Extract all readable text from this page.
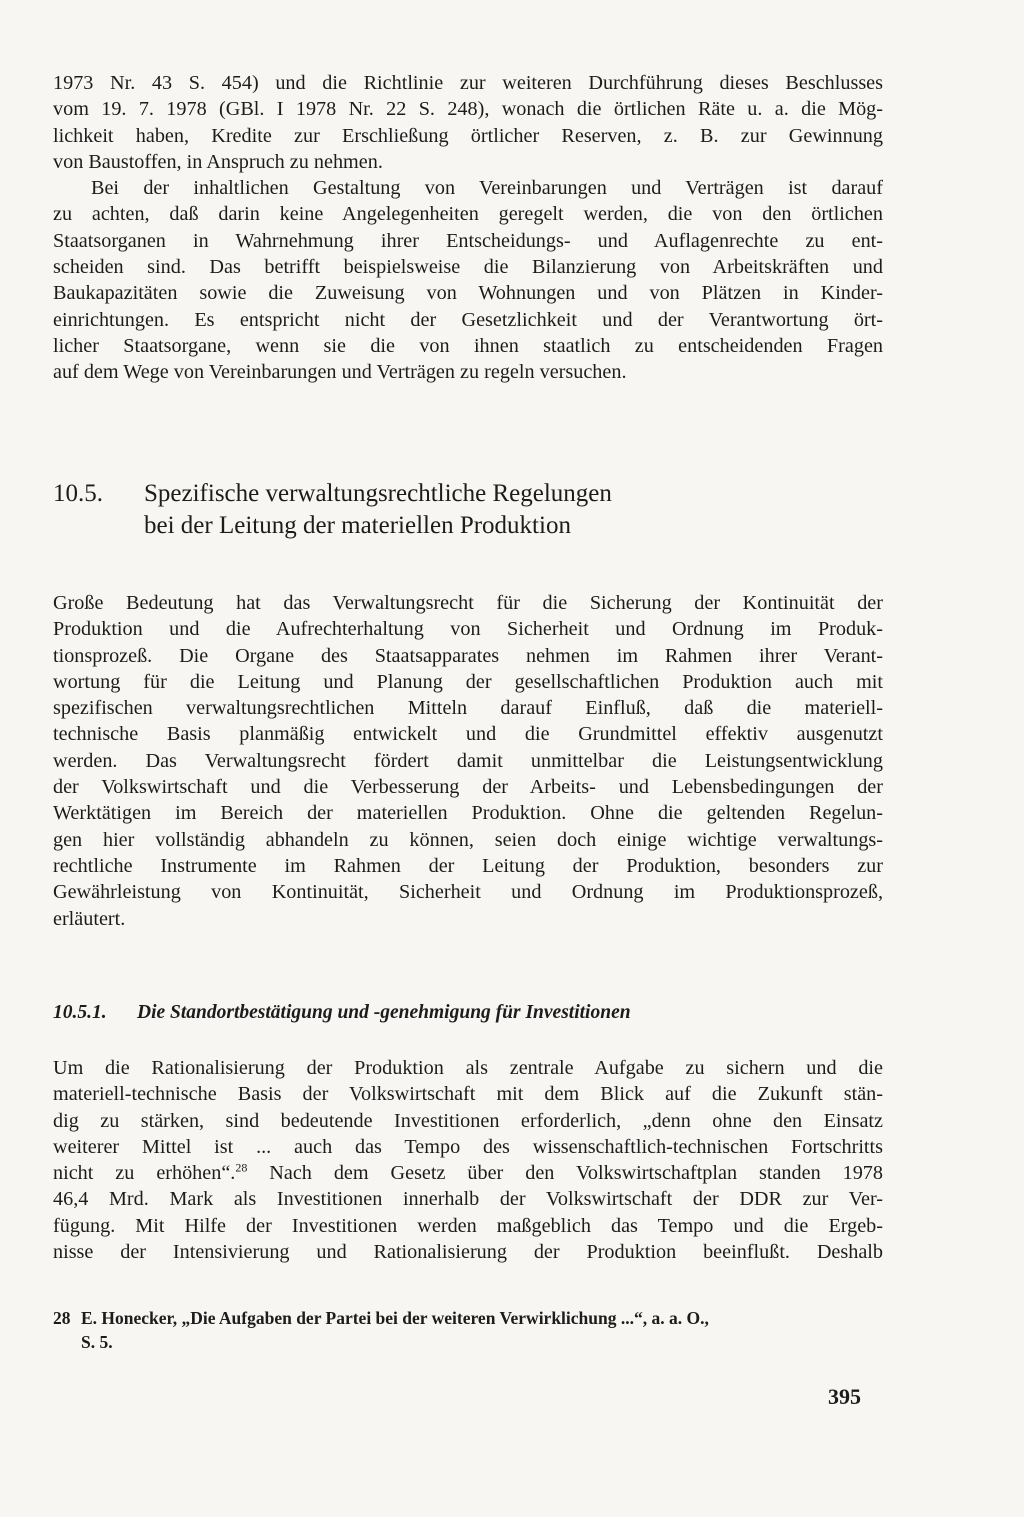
1973 Nr. 43 S. 454) und die Richtlinie zur weiteren Durchführung dieses Beschlusses
vom 19. 7. 1978 (GBl. I 1978 Nr. 22 S. 248), wonach die örtlichen Räte u. a. die Mög-
lichkeit haben, Kredite zur Erschließung örtlicher Reserven, z. B. zur Gewinnung
von Baustoffen, in Anspruch zu nehmen.

Bei der inhaltlichen Gestaltung von Vereinbarungen und Verträgen ist darauf
zu achten, daß darin keine Angelegenheiten geregelt werden, die von den örtlichen
Staatsorganen in Wahrnehmung ihrer Entscheidungs- und Auflagenrechte zu ent-
scheiden sind. Das betrifft beispielsweise die Bilanzierung von Arbeitskräften und
Baukapazitäten sowie die Zuweisung von Wohnungen und von Plätzen in Kinder-
einrichtungen. Es entspricht nicht der Gesetzlichkeit und der Verantwortung ört-
licher Staatsorgane, wenn sie die von ihnen staatlich zu entscheidenden Fragen
auf dem Wege von Vereinbarungen und Verträgen zu regeln versuchen.

10.5.	Spezifische verwaltungsrechtliche Regelungen
bei der Leitung der materiellen Produktion

Große Bedeutung hat das Verwaltungsrecht für die Sicherung der Kontinuität der
Produktion und die Aufrechterhaltung von Sicherheit und Ordnung im Produk-
tionsprozeß. Die Organe des Staatsapparates nehmen im Rahmen ihrer Verant-
wortung für die Leitung und Planung der gesellschaftlichen Produktion auch mit
spezifischen verwaltungsrechtlichen Mitteln darauf Einfluß, daß die materiell-
technische Basis planmäßig entwickelt und die Grundmittel effektiv ausgenutzt
werden. Das Verwaltungsrecht fördert damit unmittelbar die Leistungsentwicklung
der Volkswirtschaft und die Verbesserung der Arbeits- und Lebensbedingungen der
Werktätigen im Bereich der materiellen Produktion. Ohne die geltenden Regelun-
gen hier vollständig abhandeln zu können, seien doch einige wichtige verwaltungs-
rechtliche Instrumente im Rahmen der Leitung der Produktion, besonders zur
Gewährleistung von Kontinuität, Sicherheit und Ordnung im Produktionsprozeß,
erläutert.

10.5.1.	Die Standortbestätigung und -genehmigung für Investitionen

Um die Rationalisierung der Produktion als zentrale Aufgabe zu sichern und die
materiell-technische Basis der Volkswirtschaft mit dem Blick auf die Zukunft stän-
dig zu stärken, sind bedeutende Investitionen erforderlich, „denn ohne den Einsatz
weiterer Mittel ist ... auch das Tempo des wissenschaftlich-technischen Fortschritts
nicht zu erhöhen“.$^{28}$ Nach dem Gesetz über den Volkswirtschaftplan standen 1978
46,4 Mrd. Mark als Investitionen innerhalb der Volkswirtschaft der DDR zur Ver-
fügung. Mit Hilfe der Investitionen werden maßgeblich das Tempo und die Ergeb-
nisse der Intensivierung und Rationalisierung der Produktion beeinflußt. Deshalb

28 E. Honecker, „Die Aufgaben der Partei bei der weiteren Verwirklichung ...“, a. a. O.,
S. 5.
395
